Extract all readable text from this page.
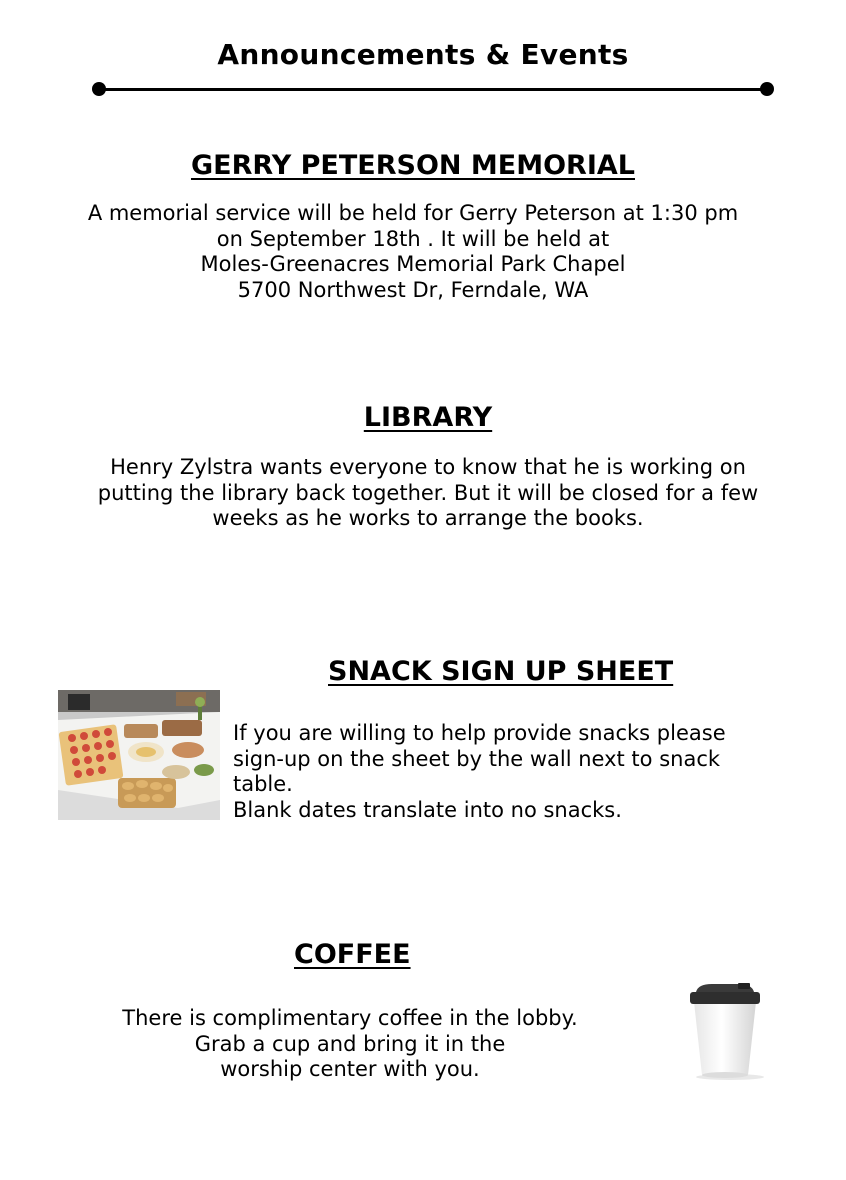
Announcements & Events
GERRY PETERSON MEMORIAL
A memorial service will be held for Gerry Peterson at 1:30 pm
on September 18th . It will be held at
Moles-Greenacres Memorial Park Chapel
5700 Northwest Dr, Ferndale, WA
LIBRARY
Henry Zylstra wants everyone to know that he is working on
putting the library back together. But it will be closed for a few
weeks as he works to arrange the books.
SNACK SIGN UP SHEET
If you are willing to help provide snacks please
sign-up on the sheet by the wall next to snack
table.
Blank dates translate into no snacks.
COFFEE
There is complimentary coffee in the lobby.
Grab a cup and bring it in the
worship center with you.
